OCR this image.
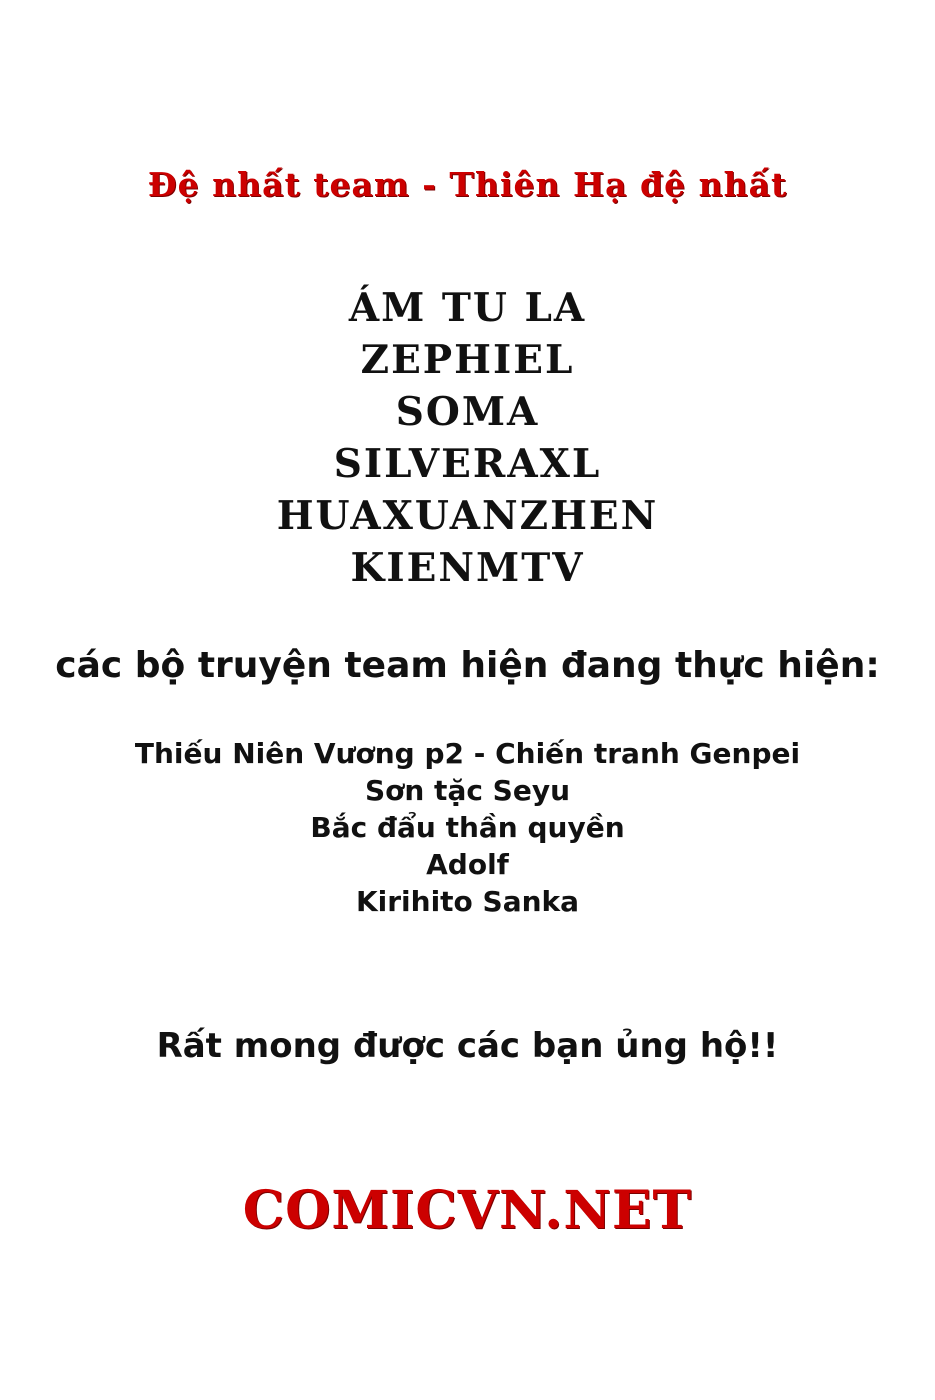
Đệ nhất team - Thiên Hạ đệ nhất
ÁM TU LA
ZEPHIEL
SOMA
SILVERAXL
HUAXUANZHEN
KIENMTV
các bộ truyện team hiện đang thực hiện:
Thiếu Niên Vương p2 - Chiến tranh Genpei
Sơn tặc Seyu
Bắc đẩu thần quyền
Adolf
Kirihito Sanka
Rất mong được các bạn ủng hộ!!
COMICVN.NET
